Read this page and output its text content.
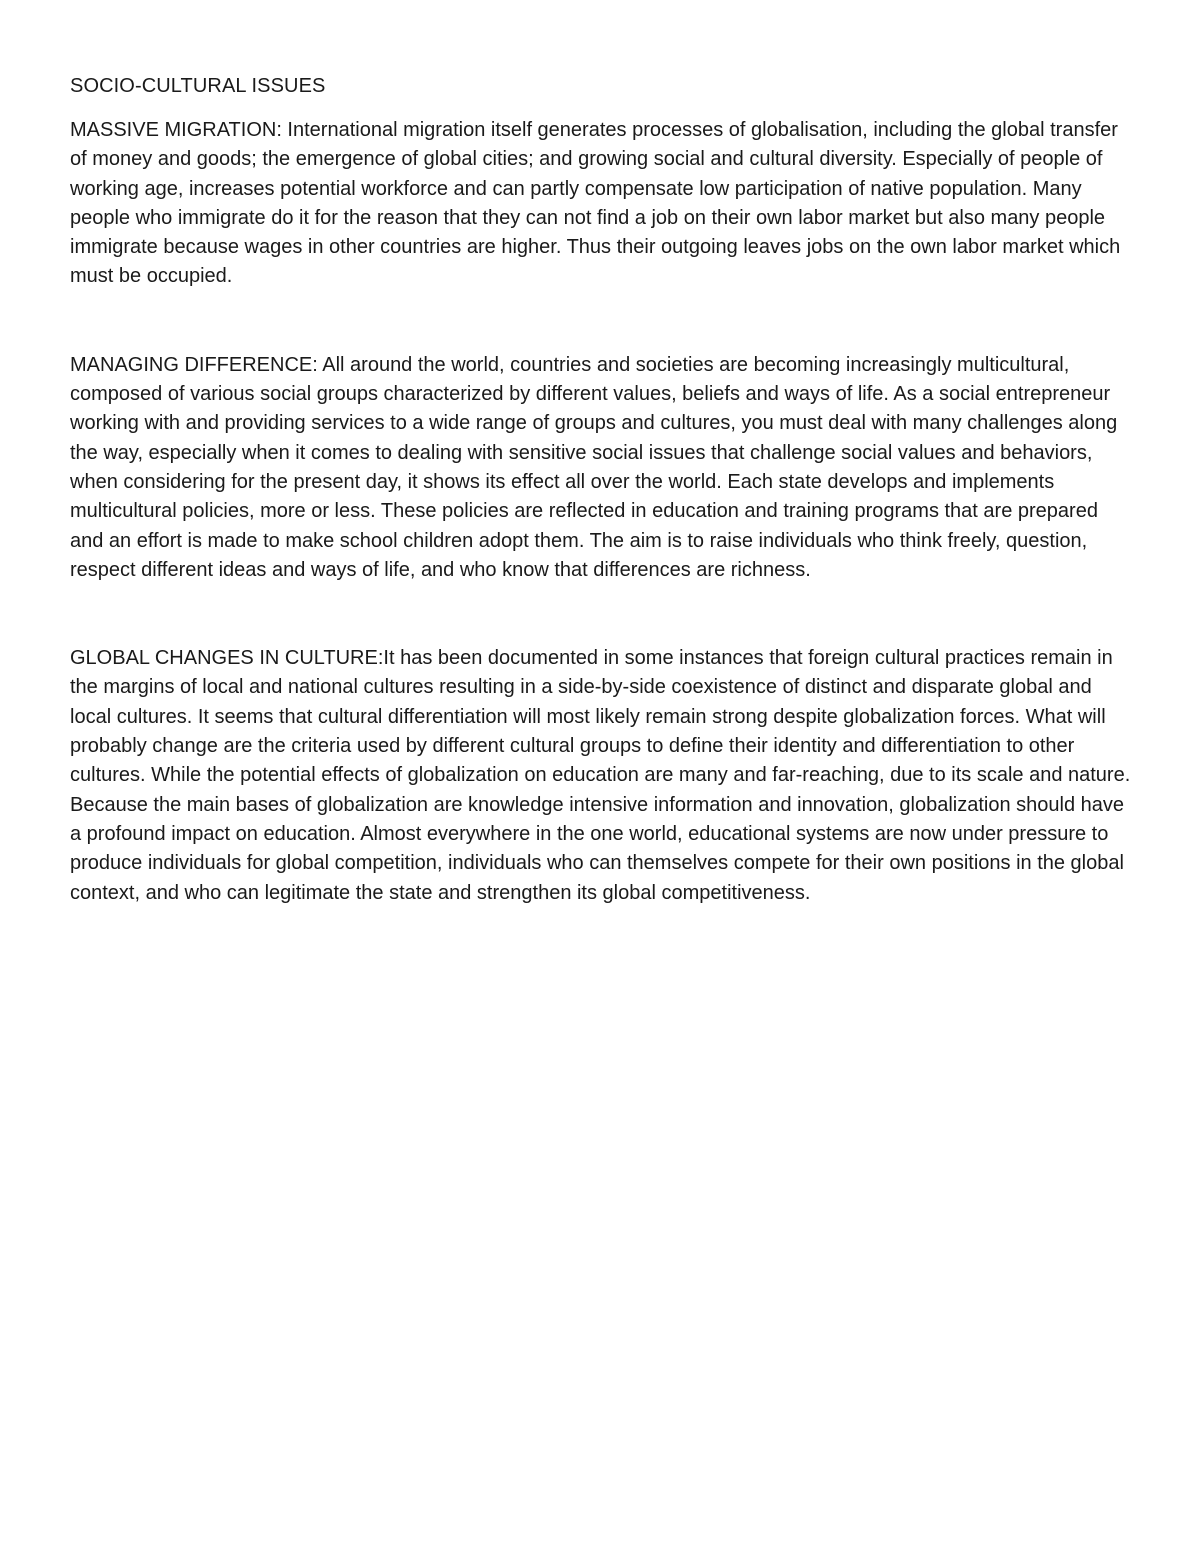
SOCIO-CULTURAL ISSUES

MASSIVE MIGRATION: International migration itself generates processes of globalisation, including the global transfer of money and goods; the emergence of global cities; and growing social and cultural diversity. Especially of people of working age, increases potential workforce and can partly compensate low participation of native population. Many people who immigrate do it for the reason that they can not find a job on their own labor market but also many people immigrate because wages in other countries are higher. Thus their outgoing leaves jobs on the own labor market which must be occupied.

MANAGING DIFFERENCE: All around the world, countries and societies are becoming increasingly multicultural, composed of various social groups characterized by different values, beliefs and ways of life. As a social entrepreneur working with and providing services to a wide range of groups and cultures, you must deal with many challenges along the way, especially when it comes to dealing with sensitive social issues that challenge social values and behaviors, when considering for the present day, it shows its effect all over the world. Each state develops and implements multicultural policies, more or less. These policies are reflected in education and training programs that are prepared and an effort is made to make school children adopt them. The aim is to raise individuals who think freely, question, respect different ideas and ways of life, and who know that differences are richness.

GLOBAL CHANGES IN CULTURE:It has been documented in some instances that foreign cultural practices remain in the margins of local and national cultures resulting in a side-by-side coexistence of distinct and disparate global and local cultures. It seems that cultural differentiation will most likely remain strong despite globalization forces. What will probably change are the criteria used by different cultural groups to define their identity and differentiation to other cultures. While the potential effects of globalization on education are many and far-reaching, due to its scale and nature. Because the main bases of globalization are knowledge intensive information and innovation, globalization should have a profound impact on education. Almost everywhere in the one world, educational systems are now under pressure to produce individuals for global competition, individuals who can themselves compete for their own positions in the global context, and who can legitimate the state and strengthen its global competitiveness.
